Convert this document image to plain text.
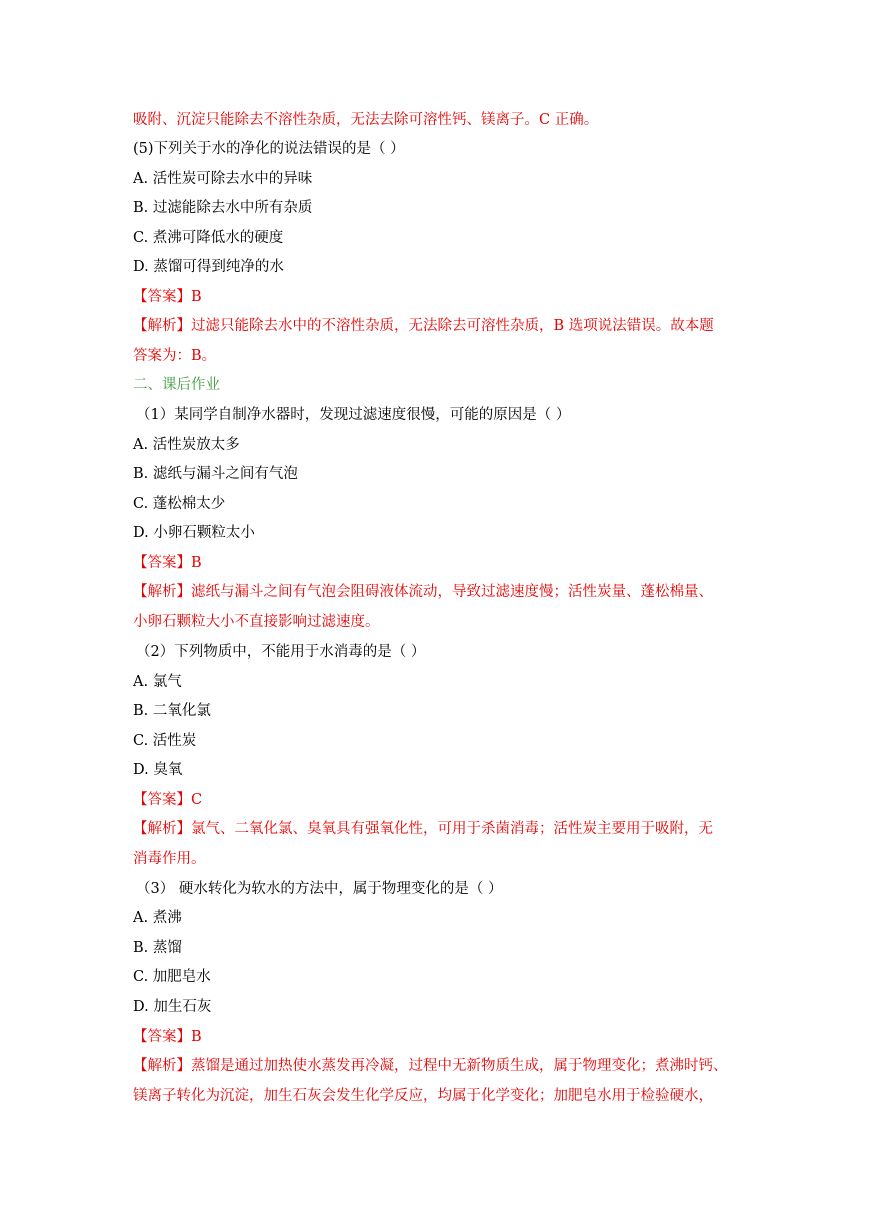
吸附、沉淀只能除去不溶性杂质，无法去除可溶性钙、镁离子。C 正确。
(5)下列关于水的净化的说法错误的是（ ）
A. 活性炭可除去水中的异味
B. 过滤能除去水中所有杂质
C. 煮沸可降低水的硬度
D. 蒸馏可得到纯净的水
【答案】B
【解析】过滤只能除去水中的不溶性杂质，无法除去可溶性杂质，B 选项说法错误。故本题
答案为：B。
二、课后作业
（1）某同学自制净水器时，发现过滤速度很慢，可能的原因是（ ）
A. 活性炭放太多
B. 滤纸与漏斗之间有气泡
C. 蓬松棉太少
D. 小卵石颗粒太小
【答案】B
【解析】滤纸与漏斗之间有气泡会阻碍液体流动，导致过滤速度慢；活性炭量、蓬松棉量、
小卵石颗粒大小不直接影响过滤速度。
（2）下列物质中，不能用于水消毒的是（ ）
A. 氯气
B. 二氧化氯
C. 活性炭
D. 臭氧
【答案】C
【解析】氯气、二氧化氯、臭氧具有强氧化性，可用于杀菌消毒；活性炭主要用于吸附，无
消毒作用。
（3） 硬水转化为软水的方法中，属于物理变化的是（ ）
A. 煮沸
B. 蒸馏
C. 加肥皂水
D. 加生石灰
【答案】B
【解析】蒸馏是通过加热使水蒸发再冷凝，过程中无新物质生成，属于物理变化；煮沸时钙、
镁离子转化为沉淀，加生石灰会发生化学反应，均属于化学变化；加肥皂水用于检验硬水，
